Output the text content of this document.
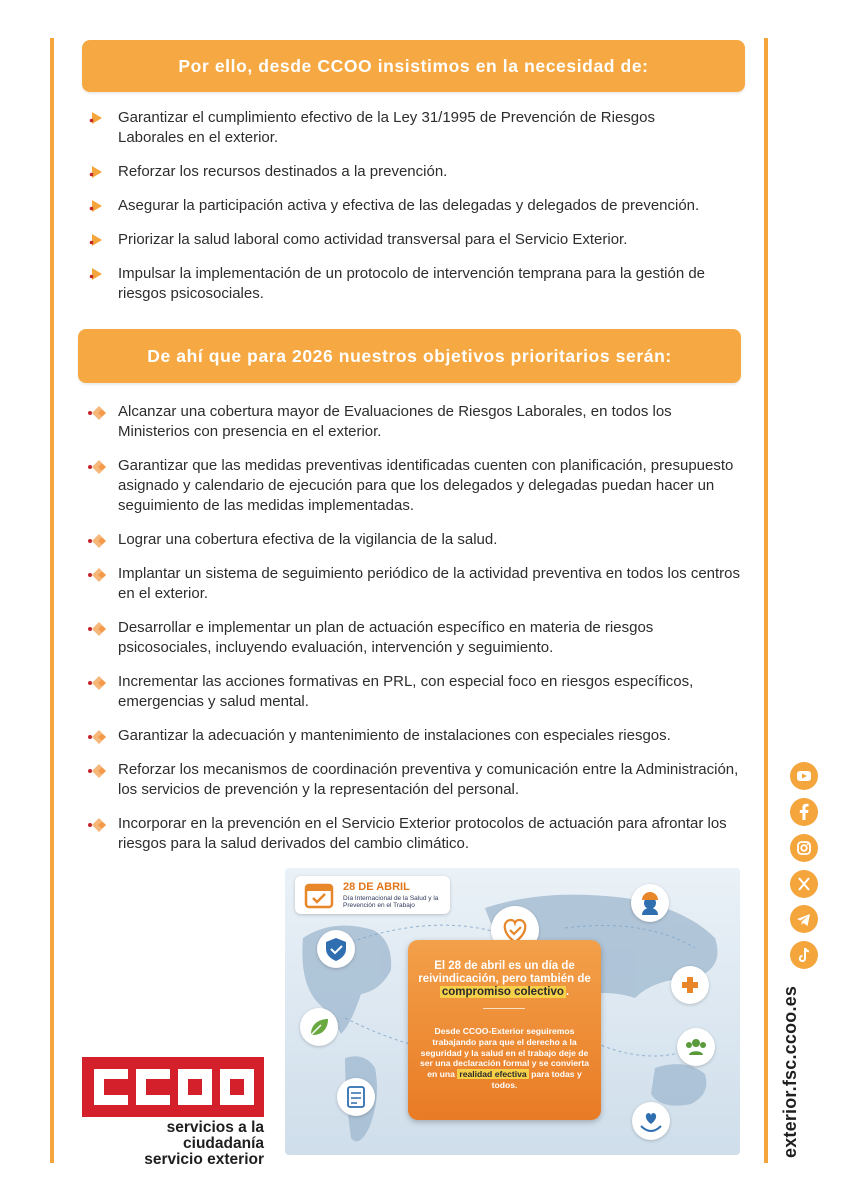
Por ello, desde CCOO insistimos en la necesidad de:
Garantizar el cumplimiento efectivo de la Ley 31/1995 de Prevención de Riesgos Laborales en el exterior.
Reforzar los recursos destinados a la prevención.
Asegurar la participación activa y efectiva de las delegadas y delegados de prevención.
Priorizar la salud laboral como actividad transversal para el Servicio Exterior.
Impulsar la implementación de un protocolo de intervención temprana para la gestión de riesgos psicosociales.
De ahí que para 2026 nuestros objetivos prioritarios serán:
Alcanzar una cobertura mayor de Evaluaciones de Riesgos Laborales, en todos los Ministerios con presencia en el exterior.
Garantizar que las medidas preventivas identificadas cuenten con planificación, presupuesto asignado y calendario de ejecución para que los delegados y delegadas puedan hacer un seguimiento de las medidas implementadas.
Lograr una cobertura efectiva de la vigilancia de la salud.
Implantar un sistema de seguimiento periódico de la actividad preventiva en todos los centros en el exterior.
Desarrollar e implementar un plan de actuación específico en materia de riesgos psicosociales, incluyendo evaluación, intervención y seguimiento.
Incrementar las acciones formativas en PRL, con especial foco en riesgos específicos, emergencias y salud mental.
Garantizar la adecuación y mantenimiento de instalaciones con especiales riesgos.
Reforzar los mecanismos de coordinación preventiva y comunicación entre la Administración, los servicios de prevención y la representación del personal.
Incorporar en la prevención en el Servicio Exterior protocolos de actuación para afrontar los riesgos para la salud derivados del cambio climático.
servicios a la ciudadanía
servicio exterior
28 DE ABRIL
Día Internacional de la Salud y la Prevención en el Trabajo
El 28 de abril es un día de reivindicación, pero también de
compromiso colectivo .
Desde CCOO-Exterior seguiremos trabajando para que el derecho a la seguridad y la salud en el trabajo deje de ser una declaración formal y se convierta en una realidad efectiva para todas y todos.	exterior.fsc.ccoo.es
